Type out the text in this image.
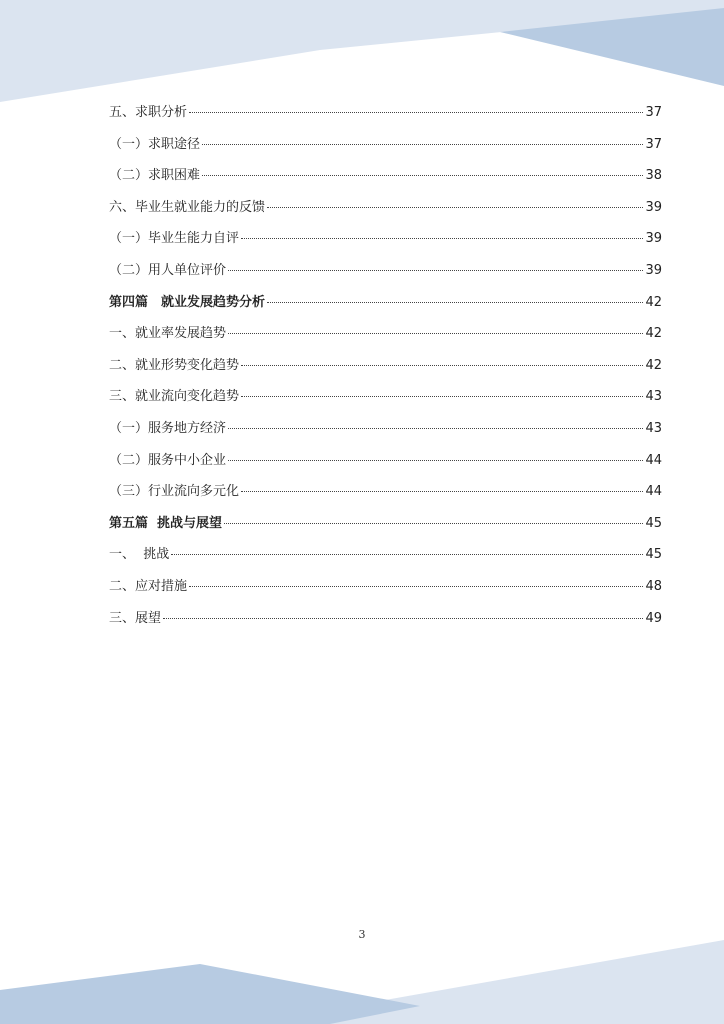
五、求职分析	37
（一）求职途径	37
（二）求职困难	38
六、毕业生就业能力的反馈	39
（一）毕业生能力自评	39
（二）用人单位评价	39
第四篇　就业发展趋势分析	42
一、就业率发展趋势	42
二、就业形势变化趋势	42
三、就业流向变化趋势	43
（一）服务地方经济	43
（二）服务中小企业	44
（三）行业流向多元化	44
第五篇  挑战与展望	45
一、  挑战	45
二、应对措施	48
三、展望	49
3
